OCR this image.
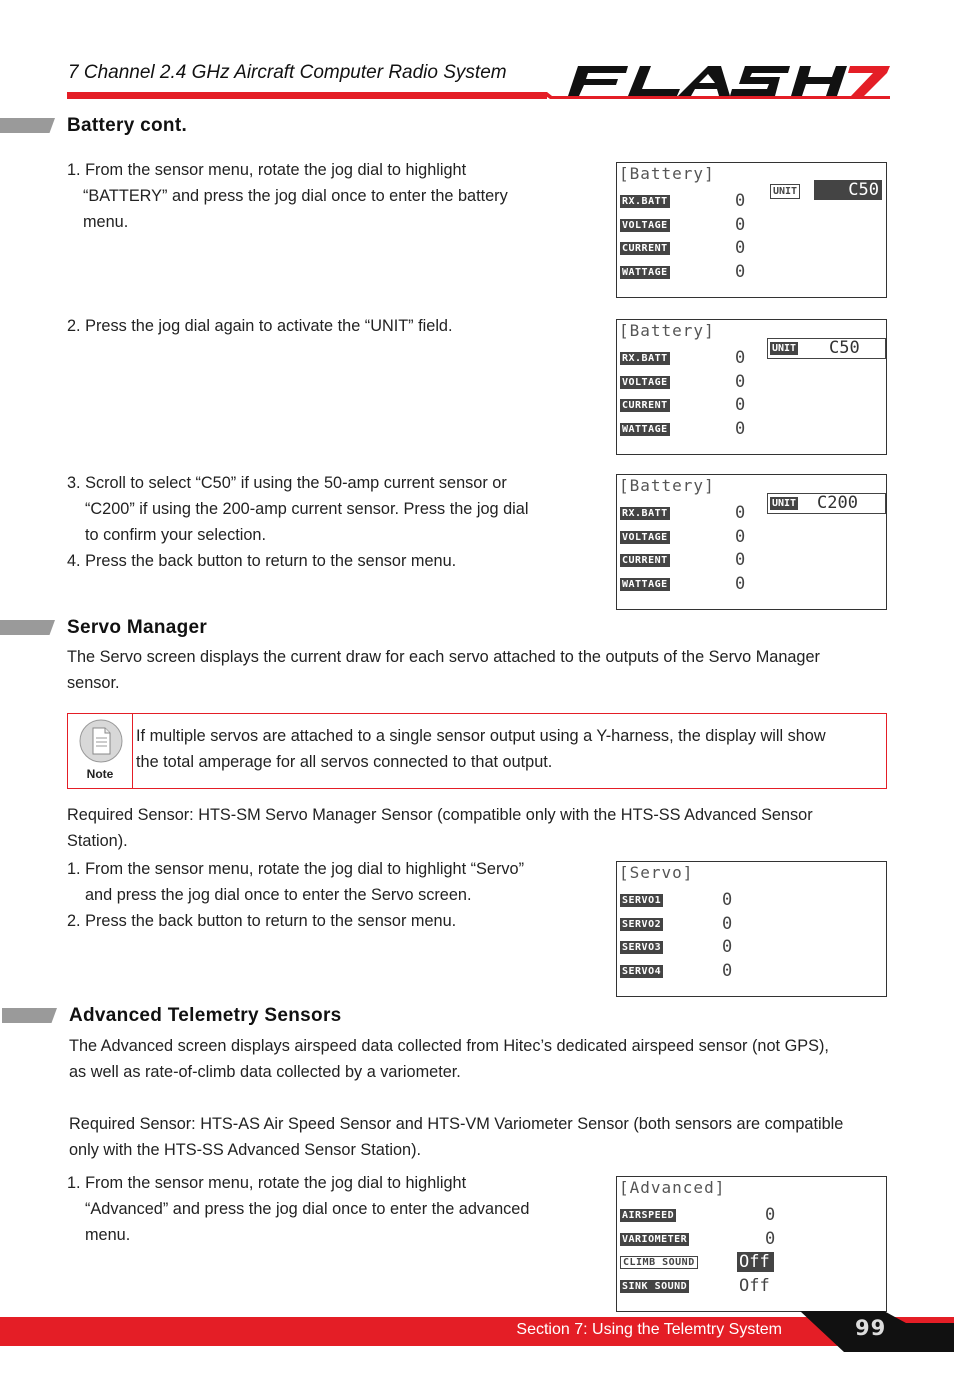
7 Channel 2.4 GHz Aircraft Computer Radio System
Battery cont.
1. From the sensor menu, rotate the jog dial to highlight
“BATTERY” and press the jog dial once to enter the battery
menu.
2. Press the jog dial again to activate the “UNIT” field.
3. Scroll to select “C50” if using the 50-amp current sensor or
“C200” if using the 200-amp current sensor. Press the jog dial
to confirm your selection.
4. Press the back button to return to the sensor menu.
[Battery]
RX.BATT
VOLTAGE
CURRENT
WATTAGE
0
0
0
0
UNIT	C50
[Battery]
RX.BATT
VOLTAGE
CURRENT
WATTAGE
0
0
0
0
UNIT C50
[Battery]
RX.BATT
VOLTAGE
CURRENT
WATTAGE
0
0
0
0
UNIT C200
Servo Manager
The Servo screen displays the current draw for each servo attached to the outputs of the Servo Manager
sensor.
Note
If multiple servos are attached to a single sensor output using a Y-harness, the display will show
the total amperage for all servos connected to that output.
Required Sensor: HTS-SM Servo Manager Sensor (compatible only with the HTS-SS Advanced Sensor
Station).
1. From the sensor menu, rotate the jog dial to highlight “Servo”
and press the jog dial once to enter the Servo screen.
2. Press the back button to return to the sensor menu.
[Servo]
SERVO1
SERVO2
SERVO3
SERVO4
0
0
0
0
Advanced Telemetry Sensors
The Advanced screen displays airspeed data collected from Hitec’s dedicated airspeed sensor (not GPS),
as well as rate-of-climb data collected by a variometer.
Required Sensor: HTS-AS Air Speed Sensor and HTS-VM Variometer Sensor (both sensors are compatible
only with the HTS-SS Advanced Sensor Station).
1. From the sensor menu, rotate the jog dial to highlight
“Advanced” and press the jog dial once to enter the advanced
menu.
[Advanced]
AIRSPEED
VARIOMETER
CLIMB SOUND
SINK SOUND
0
0
Off
Off
Section 7: Using the Telemtry System	99
